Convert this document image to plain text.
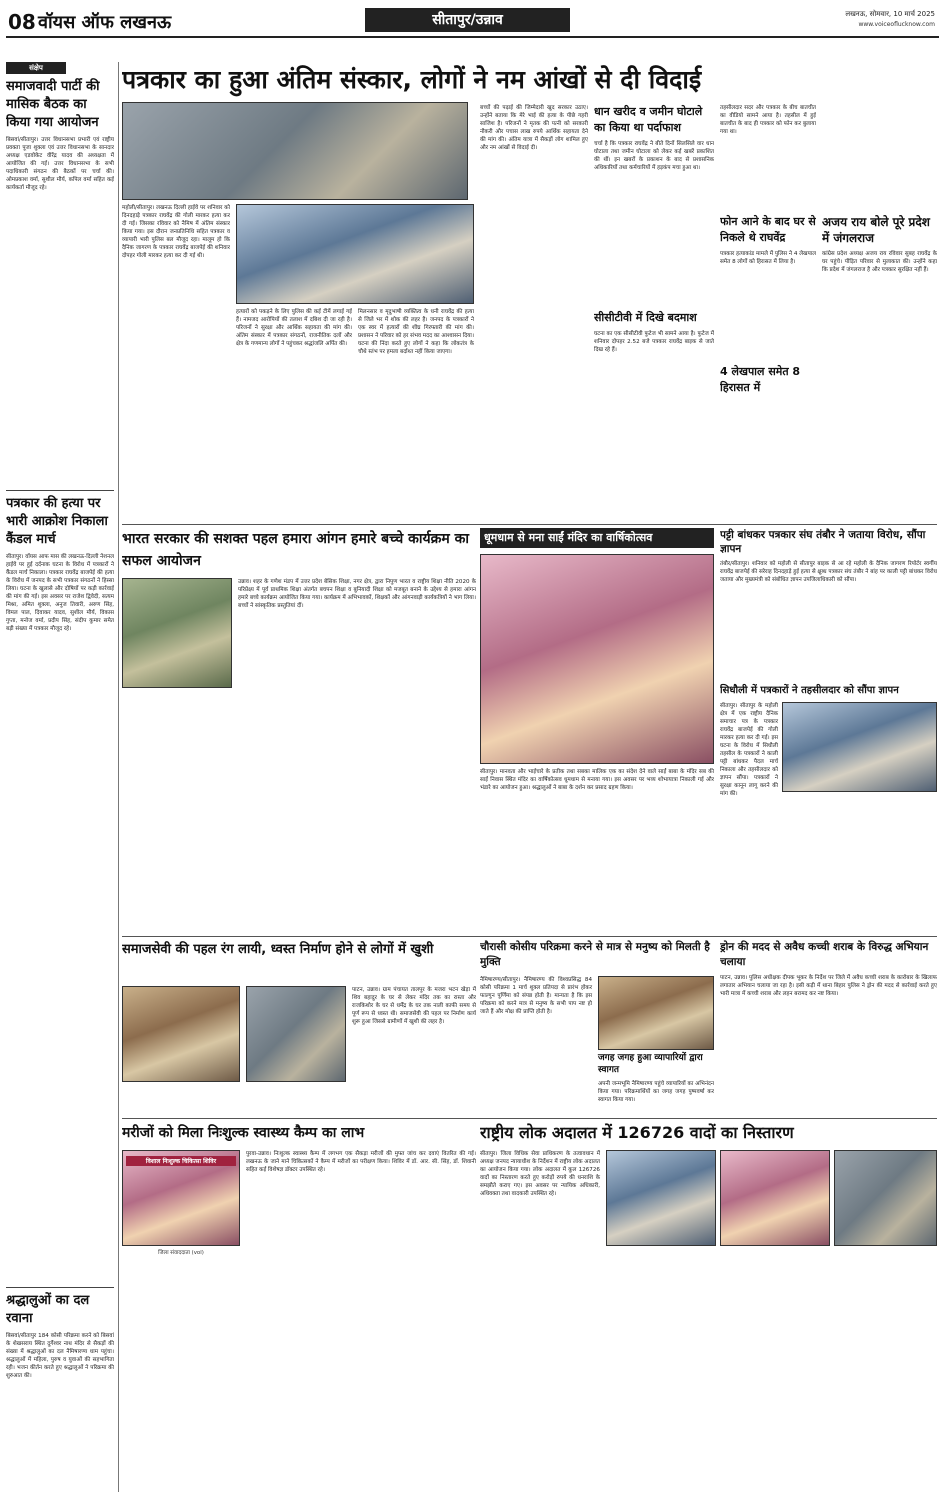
08 वॉयस ऑफ लखनऊ	सीतापुर/उन्नाव	लखनऊ, सोमवार, 10 मार्च 2025
www.voiceoflucknow.com
संक्षेप
समाजवादी पार्टी की मासिक बैठक का किया गया आयोजन
बिसवां/सीतापुर। उत्तर विधानसभा प्रभारी एवं राष्ट्रीय प्रवक्ता पूजा शुक्ला एवं उत्तर विधानसभा के सानदार अध्यक्ष एडवोकेट वीरेंद्र यादव की अध्यक्षता में आयोजित की गई। उत्तर विधानसभा के सभी पदाधिकारी संगठन की बैठकों पर चर्चा की। ओमप्रकाश वर्मा, सुशील मौर्य, कपिल वर्मा सहित कई कार्यकर्ता मौजूद रहे।
पत्रकार की हत्या पर भारी आक्रोश निकाला कैंडल मार्च
सीतापुर। वॉयस आफ मास की लखनऊ-दिल्ली नेशनल हाईवे पर हुई दर्दनाक घटना के विरोध में पत्रकारों ने कैंडल मार्च निकाला। पत्रकार राघवेंद्र बाजपेई की हत्या के विरोध में जनपद के सभी पत्रकार संगठनों ने हिस्सा लिया। घटना के खुलासे और दोषियों पर कड़ी कार्रवाई की मांग की गई। इस अवसर पर राजेश द्विवेदी, सत्यम मिश्रा, अमित शुक्ला, अनुज तिवारी, अरुण सिंह, विमल पाल, दिवाकर यादव, सुशील मौर्य, विकास गुप्ता, मनोज वर्मा, प्रदीप सिंह, संदीप कुमार समेत बड़ी संख्या में पत्रकार मौजूद रहे।
श्रद्धालुओं का दल रवाना
बिसवां/सीतापुर 184 कोसी परिक्रमा करने को बिसवां के शेखसराय स्थित दुर्गेश्वर नाथ मंदिर से सैकड़ों की संख्या में श्रद्धालुओं का दल नैमिषारण्य धाम पहुंचा। श्रद्धालुओं में महिला, पुरुष व युवाओं की सहभागिता रही। भजन कीर्तन करते हुए श्रद्धालुओं ने परिक्रमा की शुरुआत की।
पत्रकार का हुआ अंतिम संस्कार, लोगों ने नम आंखों से दी विदाई
महोली/सीतापुर। लखनऊ दिल्ली हाईवे पर शनिवार को दिनदहाड़े पत्रकार राघवेंद्र की गोली मारकर हत्या कर दी गई। जिसका रविवार को नैमिष में अंतिम संस्कार किया गया। इस दौरान जनप्रतिनिधि सहित पत्रकार व व्यापारी भारी पुलिस बल मौजूद रहा। मालूम हो कि दैनिक जागरण के पत्रकार राघवेंद्र बाजपेई की शनिवार दोपहर गोली मारकर हत्या कर दी गई थी।
हत्यारों को पकड़ने के लिए पुलिस की कई टीमें लगाई गई हैं। नामजद आरोपियों की तलाश में दबिश दी जा रही है। परिजनों ने सुरक्षा और आर्थिक सहायता की मांग की। अंतिम संस्कार में पत्रकार संगठनों, राजनीतिक दलों और क्षेत्र के गणमान्य लोगों ने पहुंचकर श्रद्धांजलि अर्पित की।
मिलनसार व मृदुभाषी व्यक्तित्व के धनी राघवेंद्र की हत्या से जिले भर में शोक की लहर है। जनपद के पत्रकारों ने एक स्वर में हत्यारों की शीघ्र गिरफ्तारी की मांग की। प्रशासन ने परिवार को हर संभव मदद का आश्वासन दिया। घटना की निंदा करते हुए लोगों ने कहा कि लोकतंत्र के चौथे स्तंभ पर हमला बर्दाश्त नहीं किया जाएगा।
बच्चों की पढ़ाई की जिम्मेदारी खुद सरकार उठाए। उन्होंने बताया कि मेरे भाई की हत्या के पीछे गहरी साजिश है। परिजनों ने मृतक की पत्नी को सरकारी नौकरी और पचास लाख रुपये आर्थिक सहायता देने की मांग की। अंतिम यात्रा में सैकड़ों लोग शामिल हुए और नम आंखों से विदाई दी।
धान खरीद व जमीन घोटाले का किया था पर्दाफाश
चर्चा है कि पत्रकार राघवेंद्र ने बीते दिनों सिलसिले वार धान घोटाला तथा जमीन घोटाला को लेकर कई खबरें प्रकाशित की थीं। इन खबरों के प्रकाशन के बाद से प्रशासनिक अधिकारियों तथा कर्मचारियों में हड़कंप मचा हुआ था।
सीसीटीवी में दिखे बदमाश
घटना का एक सीसीटीवी फुटेज भी सामने आया है। फुटेज में शनिवार दोपहर 2.52 बजे पत्रकार राघवेंद्र बाइक से जाते दिख रहे हैं।
तहसीलदार सदर और पत्रकार के बीच बातचीत का वीडियो सामने आया है। तहसील में हुई बातचीत के बाद ही पत्रकार को फोन कर बुलाया गया था।
फोन आने के बाद घर से निकले थे राघवेंद्र
पत्रकार हत्याकांड मामले में पुलिस ने 4 लेखपाल समेत 8 लोगों को हिरासत में लिया है।
4 लेखपाल समेत 8 हिरासत में
अजय राय बोले पूरे प्रदेश में जंगलराज
कांग्रेस प्रदेश अध्यक्ष अजय राय रविवार सुबह राघवेंद्र के घर पहुंचे। पीड़ित परिवार से मुलाकात की। उन्होंने कहा कि प्रदेश में जंगलराज है और पत्रकार सुरक्षित नहीं हैं।
भारत सरकार की सशक्त पहल हमारा आंगन हमारे बच्चे कार्यक्रम का सफल आयोजन
उन्नाव। शहर के गणेश मंडप में उत्तर प्रदेश बेसिक शिक्षा, नगर क्षेत्र, द्वारा निपुण भारत व राष्ट्रीय शिक्षा नीति 2020 के परिप्रेक्ष्य में पूर्व प्राथमिक शिक्षा अंतर्गत बचपन शिक्षा व बुनियादी शिक्षा को मजबूत बनाने के उद्देश्य से हमारा आंगन हमारे बच्चे कार्यक्रम आयोजित किया गया। कार्यक्रम में अभिभावकों, शिक्षकों और आंगनवाड़ी कार्यकत्रियों ने भाग लिया। बच्चों ने सांस्कृतिक प्रस्तुतियां दीं।
धूमधाम से मना साईं मंदिर का वार्षिकोत्सव
सीतापुर। मानवता और भाईचारे के प्रतीक तथा सबका मालिक एक का संदेश देने वाले साईं बाबा के मंदिर सब की साईं निवास स्थित मंदिर का वार्षिकोत्सव धूमधाम से मनाया गया। इस अवसर पर भव्य शोभायात्रा निकाली गई और भंडारे का आयोजन हुआ। श्रद्धालुओं ने बाबा के दर्शन कर प्रसाद ग्रहण किया।
पट्टी बांधकर पत्रकार संघ तंबौर ने जताया विरोध, सौंपा ज्ञापन
तंबौर/सीतापुर। शनिवार को महोली से सीतापुर बाइक से आ रहे महोली के दैनिक जागरण रिपोर्टर स्वर्गीय राघवेंद्र बाजपेई की सरेराह दिनदहाड़े हुई हत्या से क्षुब्ध पत्रकार संघ तंबौर ने बांह पर काली पट्टी बांधकर विरोध जताया और मुख्यमंत्री को संबोधित ज्ञापन उपजिलाधिकारी को सौंपा।
सिधौली में पत्रकारों ने तहसीलदार को सौंपा ज्ञापन
सीतापुर। सीतापुर के महोली क्षेत्र में एक राष्ट्रीय दैनिक समाचार पत्र के पत्रकार राघवेंद्र बाजपेई की गोली मारकर हत्या कर दी गई। इस घटना के विरोध में सिधौली तहसील के पत्रकारों ने काली पट्टी बांधकर पैदल मार्च निकाला और तहसीलदार को ज्ञापन सौंपा। पत्रकारों ने सुरक्षा कानून लागू करने की मांग की।
समाजसेवी की पहल रंग लायी, ध्वस्त निर्माण होने से लोगों में खुशी
पाटन, उन्नाव। ग्राम पंचायत तालपुर के मजरा भटन खेड़ा में शिव बहादुर के घर से लेकर मंदिर तक का रास्ता और राजकिशोर के घर से धर्मेंद्र के घर तक नाली काफी समय से पूर्ण रूप से ध्वस्त थी। समाजसेवी की पहल पर निर्माण कार्य शुरू हुआ जिससे ग्रामीणों में खुशी की लहर है।
चौरासी कोसीय परिक्रमा करने से मात्र से मनुष्य को मिलती है मुक्ति
नैमिषारण्य/सीतापुर। नैमिषारण्य की विश्वप्रसिद्ध 84 कोसी परिक्रमा 1 मार्च शुक्ल प्रतिपदा से प्रारंभ होकर फाल्गुन पूर्णिमा को संपन्न होती है। मान्यता है कि इस परिक्रमा को करने मात्र से मनुष्य के सभी पाप नष्ट हो जाते हैं और मोक्ष की प्राप्ति होती है।
जगह जगह हुआ व्यापारियों द्वारा स्वागत
अपनी जन्मभूमि नैमिषारण्य पहुंचे व्यापारियों का अभिनंदन किया गया। परिक्रमार्थियों का जगह जगह पुष्पवर्षा कर स्वागत किया गया।
ड्रोन की मदद से अवैध कच्ची शराब के विरुद्ध अभियान चलाया
पाटन, उन्नाव। पुलिस अधीक्षक दीपक भूकर के निर्देश पर जिले में अवैध कच्ची शराब के कारोबार के खिलाफ लगातार अभियान चलाया जा रहा है। इसी कड़ी में थाना बिहार पुलिस ने ड्रोन की मदद से कार्रवाई करते हुए भारी मात्रा में कच्ची शराब और लहन बरामद कर नष्ट किया।
मरीजों को मिला निःशुल्क स्वास्थ्य कैम्प का लाभ
विशाल निःशुल्क चिकित्सा शिविर
जिला संवाददाता (vol)
पुरवा-उन्नाव। निःशुल्क स्वास्थ्य कैम्प में लगभग एक सैकड़ा मरीजों की मुफ्त जांच कर दवाएं वितरित की गई। लखनऊ के जाने माने चिकित्सकों ने कैम्प में मरीजों का परीक्षण किया। शिविर में डॉ. आर. सी. सिंह, डॉ. शिवानी सहित कई विशेषज्ञ डॉक्टर उपस्थित रहे।
राष्ट्रीय लोक अदालत में 126726 वादों का निस्तारण
सीतापुर। जिला विधिक सेवा प्राधिकरण के तत्वावधान में अध्यक्ष जनपद न्यायाधीश के निर्देशन में राष्ट्रीय लोक अदालत का आयोजन किया गया। लोक अदालत में कुल 126726 वादों का निस्तारण करते हुए करोड़ों रुपये की धनराशि के समझौते कराए गए। इस अवसर पर न्यायिक अधिकारी, अधिवक्ता तथा वादकारी उपस्थित रहे।
